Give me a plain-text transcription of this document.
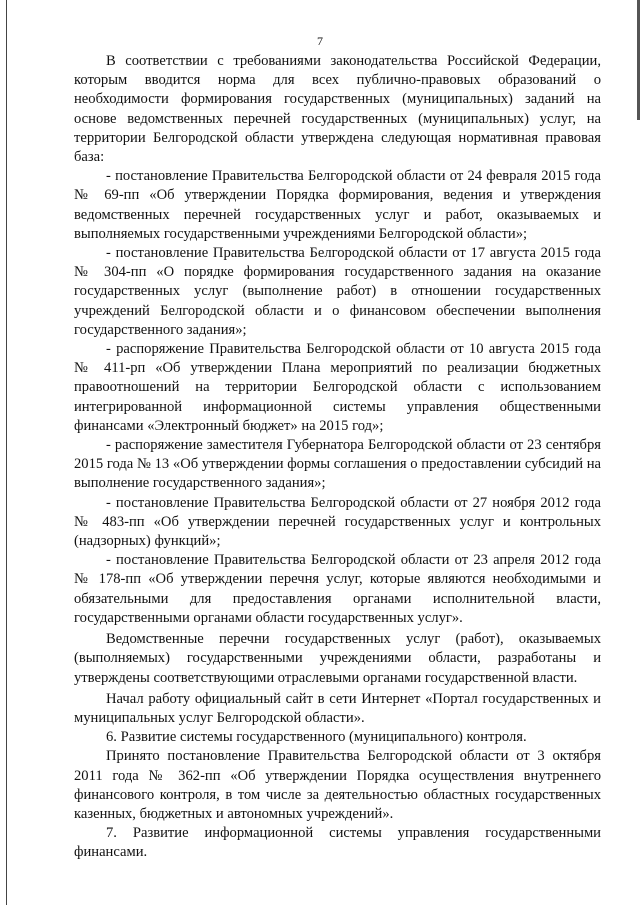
7

В соответствии с требованиями законодательства Российской Федерации, которым вводится норма для всех публично-правовых образований о необходимости формирования государственных (муниципальных) заданий на основе ведомственных перечней государственных (муниципальных) услуг, на территории Белгородской области утверждена следующая нормативная правовая база:

- постановление Правительства Белгородской области от 24 февраля 2015 года № 69-пп «Об утверждении Порядка формирования, ведения и утверждения ведомственных перечней государственных услуг и работ, оказываемых и выполняемых государственными учреждениями Белгородской области»;

- постановление Правительства Белгородской области от 17 августа 2015 года № 304-пп «О порядке формирования государственного задания на оказание государственных услуг (выполнение работ) в отношении государственных учреждений Белгородской области и о финансовом обеспечении выполнения государственного задания»;

- распоряжение Правительства Белгородской области от 10 августа 2015 года № 411-рп «Об утверждении Плана мероприятий по реализации бюджетных правоотношений на территории Белгородской области с использованием интегрированной информационной системы управления общественными финансами «Электронный бюджет» на 2015 год»;

- распоряжение заместителя Губернатора Белгородской области от 23 сентября 2015 года № 13 «Об утверждении формы соглашения о предоставлении субсидий на выполнение государственного задания»;

- постановление Правительства Белгородской области от 27 ноября 2012 года № 483-пп «Об утверждении перечней государственных услуг и контрольных (надзорных) функций»;

- постановление Правительства Белгородской области от 23 апреля 2012 года № 178-пп «Об утверждении перечня услуг, которые являются необходимыми и обязательными для предоставления органами исполнительной власти, государственными органами области государственных услуг».

Ведомственные перечни государственных услуг (работ), оказываемых (выполняемых) государственными учреждениями области, разработаны и утверждены соответствующими отраслевыми органами государственной власти.

Начал работу официальный сайт в сети Интернет «Портал государственных и муниципальных услуг Белгородской области».

6. Развитие системы государственного (муниципального) контроля.

Принято постановление Правительства Белгородской области от 3 октября 2011 года № 362-пп «Об утверждении Порядка осуществления внутреннего финансового контроля, в том числе за деятельностью областных государственных казенных, бюджетных и автономных учреждений».

7. Развитие информационной системы управления государственными финансами.
